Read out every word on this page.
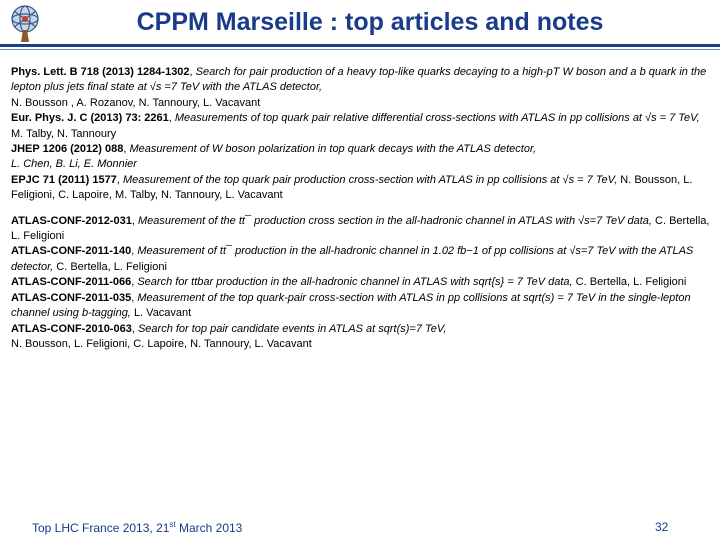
CPPM Marseille : top articles and notes

Phys. Lett. B 718 (2013) 1284-1302, Search for pair production of a heavy top-like quarks decaying to a high-pT W boson and a b quark in the lepton plus jets final state at √s =7 TeV with the ATLAS detector,
N. Bousson , A. Rozanov, N. Tannoury, L. Vacavant

Eur. Phys. J. C (2013) 73: 2261, Measurements of top quark pair relative differential cross-sections with ATLAS in pp collisions at √s = 7 TeV, M. Talby, N. Tannoury

JHEP 1206 (2012) 088, Measurement of W boson polarization in top quark decays with the ATLAS detector,
L. Chen, B. Li, E. Monnier

EPJC 71 (2011) 1577, Measurement of the top quark pair production cross-section with ATLAS in pp collisions at √s = 7 TeV, N. Bousson, L. Feligioni, C. Lapoire, M. Talby, N. Tannoury, L. Vacavant

ATLAS-CONF-2012-031, Measurement of the tt¯ production cross section in the all-hadronic channel in ATLAS with √s=7 TeV data, C. Bertella, L. Feligioni

ATLAS-CONF-2011-140, Measurement of tt¯ production in the all-hadronic channel in 1.02 fb−1 of pp collisions at √s=7 TeV with the ATLAS detector, C. Bertella, L. Feligioni

ATLAS-CONF-2011-066, Search for ttbar production in the all-hadronic channel in ATLAS with sqrt{s} = 7 TeV data, C. Bertella, L. Feligioni

ATLAS-CONF-2011-035, Measurement of the top quark-pair cross-section with ATLAS in pp collisions at sqrt(s) = 7 TeV in the single-lepton channel using b-tagging, L. Vacavant

ATLAS-CONF-2010-063, Search for top pair candidate events in ATLAS at sqrt(s)=7 TeV,
N. Bousson, L. Feligioni, C. Lapoire, N. Tannoury, L. Vacavant

Top LHC France 2013, 21st March 2013	32
